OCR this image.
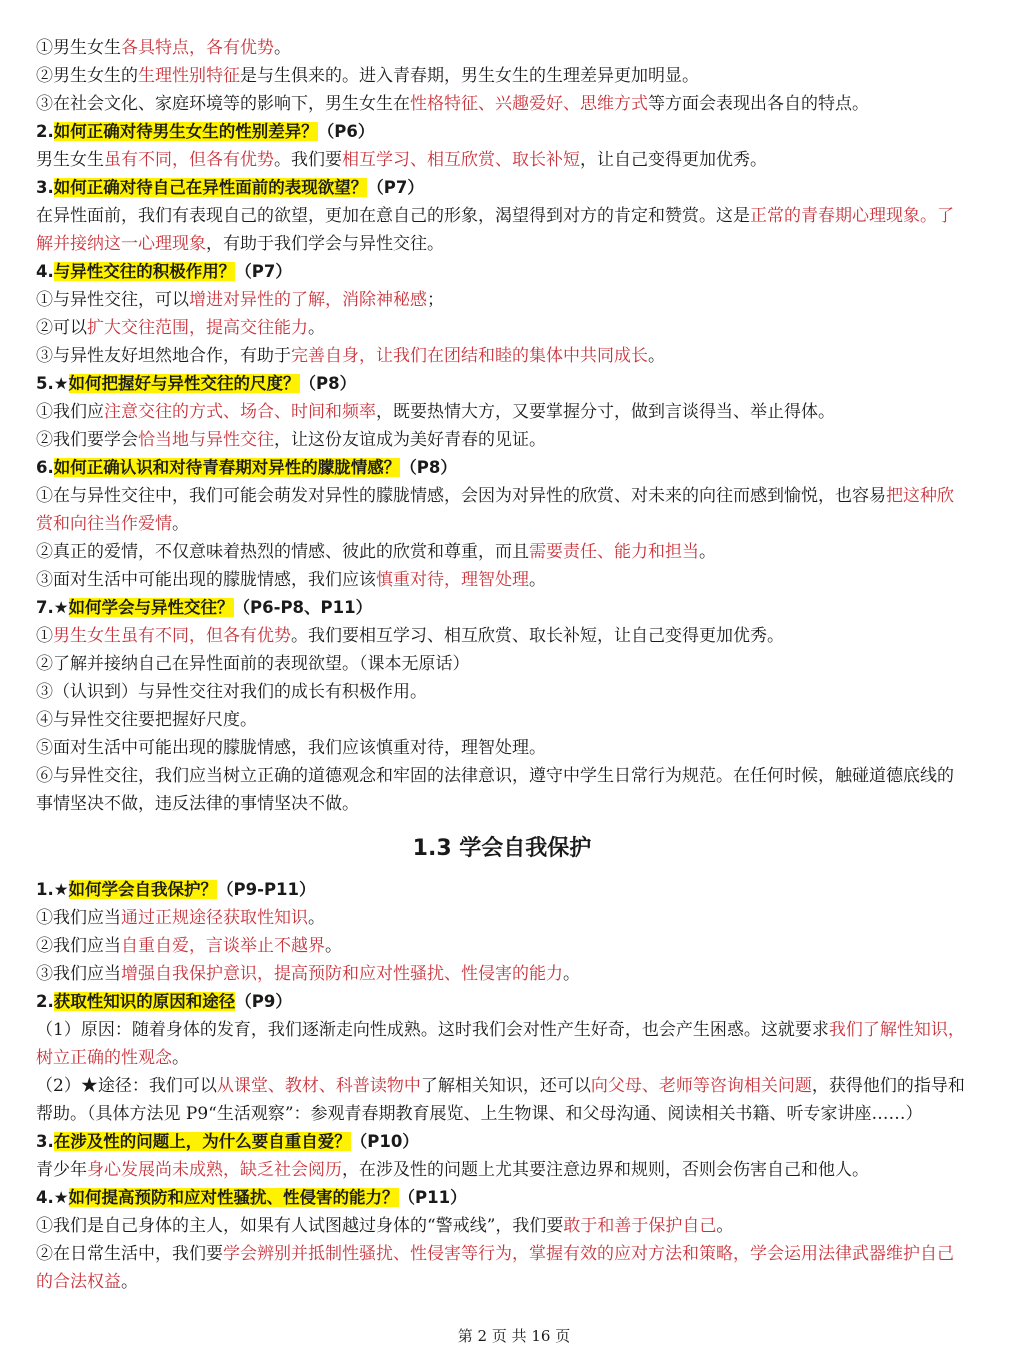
①男生女生各具特点，各有优势。
②男生女生的生理性别特征是与生俱来的。进入青春期，男生女生的生理差异更加明显。
③在社会文化、家庭环境等的影响下，男生女生在性格特征、兴趣爱好、思维方式等方面会表现出各自的特点。
2.如何正确对待男生女生的性别差异？（P6）
男生女生虽有不同，但各有优势。我们要相互学习、相互欣赏、取长补短，让自己变得更加优秀。
3.如何正确对待自己在异性面前的表现欲望？（P7）
在异性面前，我们有表现自己的欲望，更加在意自己的形象，渴望得到对方的肯定和赞赏。这是正常的青春期心理现象。了解并接纳这一心理现象，有助于我们学会与异性交往。
4.与异性交往的积极作用？（P7）
①与异性交往，可以增进对异性的了解，消除神秘感；
②可以扩大交往范围，提高交往能力。
③与异性友好坦然地合作，有助于完善自身，让我们在团结和睦的集体中共同成长。
5.★如何把握好与异性交往的尺度？（P8）
①我们应注意交往的方式、场合、时间和频率，既要热情大方，又要掌握分寸，做到言谈得当、举止得体。
②我们要学会恰当地与异性交往，让这份友谊成为美好青春的见证。
6.如何正确认识和对待青春期对异性的朦胧情感？（P8）
①在与异性交往中，我们可能会萌发对异性的朦胧情感，会因为对异性的欣赏、对未来的向往而感到愉悦，也容易把这种欣赏和向往当作爱情。
②真正的爱情，不仅意味着热烈的情感、彼此的欣赏和尊重，而且需要责任、能力和担当。
③面对生活中可能出现的朦胧情感，我们应该慎重对待，理智处理。
7.★如何学会与异性交往？（P6-P8、P11）
①男生女生虽有不同，但各有优势。我们要相互学习、相互欣赏、取长补短，让自己变得更加优秀。
②了解并接纳自己在异性面前的表现欲望。（课本无原话）
③（认识到）与异性交往对我们的成长有积极作用。
④与异性交往要把握好尺度。
⑤面对生活中可能出现的朦胧情感，我们应该慎重对待，理智处理。
⑥与异性交往，我们应当树立正确的道德观念和牢固的法律意识，遵守中学生日常行为规范。在任何时候，触碰道德底线的事情坚决不做，违反法律的事情坚决不做。
1.3 学会自我保护
1.★如何学会自我保护？（P9-P11）
①我们应当通过正规途径获取性知识。
②我们应当自重自爱，言谈举止不越界。
③我们应当增强自我保护意识，提高预防和应对性骚扰、性侵害的能力。
2.获取性知识的原因和途径（P9）
（1）原因：随着身体的发育，我们逐渐走向性成熟。这时我们会对性产生好奇，也会产生困惑。这就要求我们了解性知识，树立正确的性观念。
（2）★途径：我们可以从课堂、教材、科普读物中了解相关知识，还可以向父母、老师等咨询相关问题，获得他们的指导和帮助。（具体方法见 P9“生活观察”：参观青春期教育展览、上生物课、和父母沟通、阅读相关书籍、听专家讲座……）
3.在涉及性的问题上，为什么要自重自爱？（P10）
青少年身心发展尚未成熟，缺乏社会阅历，在涉及性的问题上尤其要注意边界和规则，否则会伤害自己和他人。
4.★如何提高预防和应对性骚扰、性侵害的能力？（P11）
①我们是自己身体的主人，如果有人试图越过身体的“警戒线”，我们要敢于和善于保护自己。
②在日常生活中，我们要学会辨别并抵制性骚扰、性侵害等行为，掌握有效的应对方法和策略，学会运用法律武器维护自己的合法权益。
第 2 页 共 16 页
